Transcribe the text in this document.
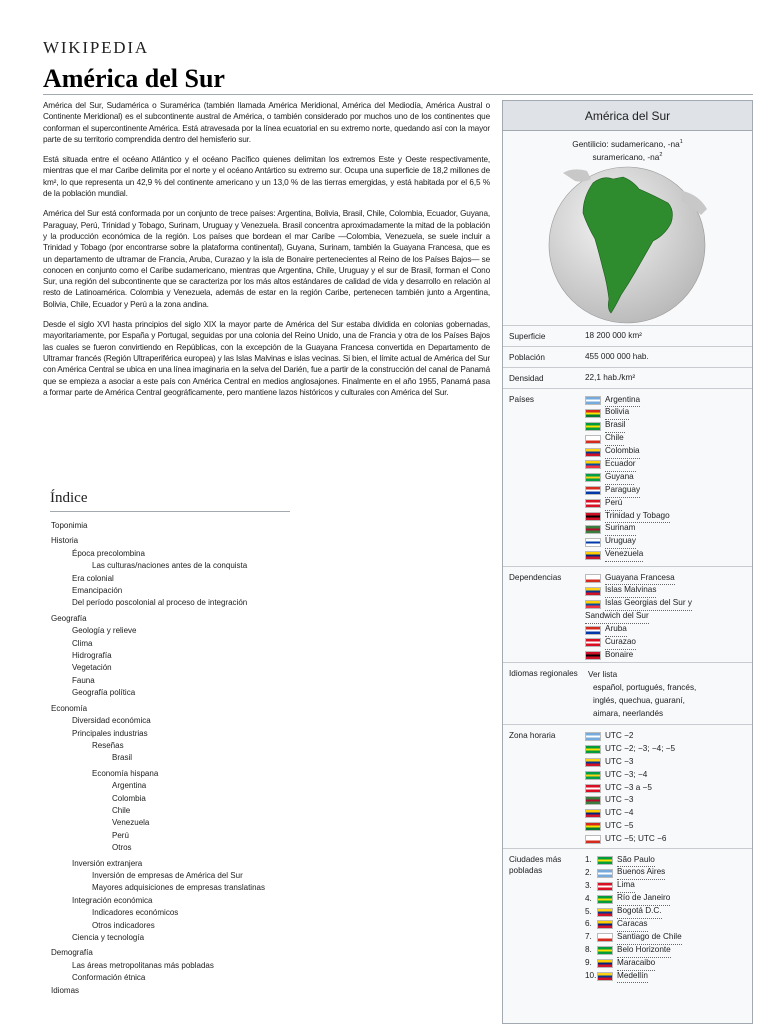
WIKIPEDIA
América del Sur

América del Sur, Sudamérica o Suramérica (también llamada América Meridional, América del Mediodía, América Austral o Continente Meridional) es el subcontinente austral de América, o también considerado por muchos uno de los continentes que conforman el supercontinente América. Está atravesada por la línea ecuatorial en su extremo norte, quedando así con la mayor parte de su territorio comprendida dentro del hemisferio sur.

Está situada entre el océano Atlántico y el océano Pacífico quienes delimitan los extremos Este y Oeste respectivamente, mientras que el mar Caribe delimita por el norte y el océano Antártico su extremo sur. Ocupa una superficie de 18,2 millones de km², lo que representa un 42,9 % del continente americano y un 13,0 % de las tierras emergidas, y está habitada por el 6,5 % de la población mundial.

América del Sur está conformada por un conjunto de trece países: Argentina, Bolivia, Brasil, Chile, Colombia, Ecuador, Guyana, Paraguay, Perú, Trinidad y Tobago, Surinam, Uruguay y Venezuela. Brasil concentra aproximadamente la mitad de la población y la producción económica de la región. Los países que bordean el mar Caribe —Colombia, Venezuela, se suele incluir a Trinidad y Tobago (por encontrarse sobre la plataforma continental), Guyana, Surinam, también la Guayana Francesa, que es un departamento de ultramar de Francia, Aruba, Curazao y la isla de Bonaire pertenecientes al Reino de los Países Bajos— se conocen en conjunto como el Caribe sudamericano, mientras que Argentina, Chile, Uruguay y el sur de Brasil, forman el Cono Sur, una región del subcontinente que se caracteriza por los más altos estándares de calidad de vida y desarrollo en relación al resto de Latinoamérica. Colombia y Venezuela, además de estar en la región Caribe, pertenecen también junto a Argentina, Bolivia, Chile, Ecuador y Perú a la zona andina.

Desde el siglo XVI hasta principios del siglo XIX la mayor parte de América del Sur estaba dividida en colonias gobernadas, mayoritariamente, por España y Portugal, seguidas por una colonia del Reino Unido, una de Francia y otra de los Países Bajos las cuales se fueron convirtiendo en Repúblicas, con la excepción de la Guayana Francesa convertida en Departamento de Ultramar francés (Región Ultraperiférica europea) y las Islas Malvinas e islas vecinas. Si bien, el límite actual de América del Sur con América Central se ubica en una línea imaginaria en la selva del Darién, fue a partir de la construcción del canal de Panamá que se empieza a asociar a este país con América Central en medios anglosajones. Finalmente en el año 1955, Panamá pasa a formar parte de América Central geográficamente, pero mantiene lazos históricos y culturales con América del Sur.

Índice
Toponimia
Historia
Época precolombina
Las culturas/naciones antes de la conquista
Era colonial
Emancipación
Del período poscolonial al proceso de integración
Geografía
Geología y relieve
Clima
Hidrografía
Vegetación
Fauna
Geografía política
Economía
Diversidad económica
Principales industrias
Reseñas
Brasil
Economía hispana
Argentina
Colombia
Chile
Venezuela
Perú
Otros
Inversión extranjera
Inversión de empresas de América del Sur
Mayores adquisiciones de empresas translatinas
Integración económica
Indicadores económicos
Otros indicadores
Ciencia y tecnología
Demografía
Las áreas metropolitanas más pobladas
Conformación étnica
Idiomas
América del Sur
Gentilicio: sudamericano, $-na^1$
suramericano, $-na^2$
Superficie	18 200 000 km²
Población	455 000 000 hab.
Densidad	22,1 hab./km²
Países	Argentina
Bolivia
Brasil
Chile
Colombia
Ecuador
Guyana
Paraguay
Perú
Trinidad y Tobago
Surinam
Uruguay
Venezuela
Dependencias	Guayana Francesa
Islas Malvinas
Islas Georgias del Sur y
Sandwich del Sur
Aruba
Curazao
Bonaire
Idiomas regionales	Ver lista
español, portugués, francés,
inglés, quechua, guaraní,
aimara, neerlandés
Zona horaria	UTC −2
UTC −2; −3; −4; −5
UTC −3
UTC −3; −4
UTC −3 a −5
UTC −3
UTC −4
UTC −5
UTC −5; UTC −6
Ciudades más pobladas
1.	São Paulo
2.	Buenos Aires
3.	Lima
4.	Río de Janeiro
5.	Bogotá D.C.
6.	Caracas
7.	Santiago de Chile
8.	Belo Horizonte
9.	Maracaibo
10.	Medellín
